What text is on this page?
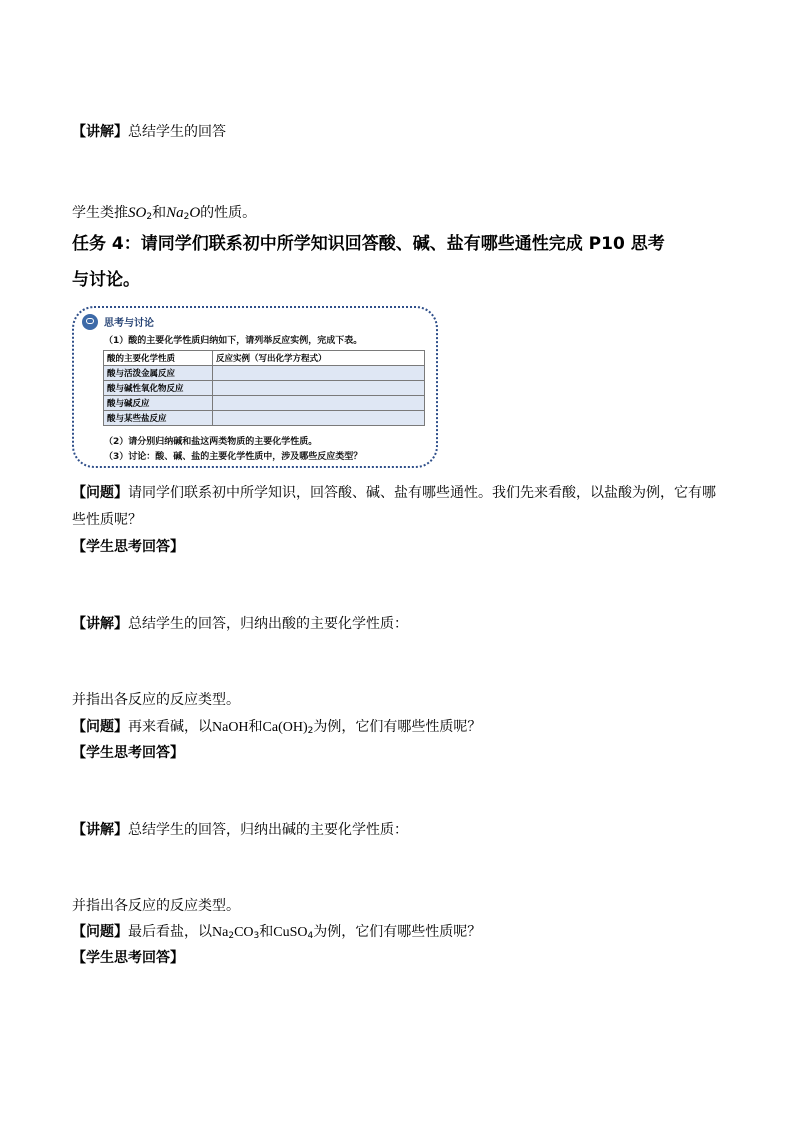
【讲解】总结学生的回答
学生类推$SO_2$和$Na_2O$的性质。
任务 4：请同学们联系初中所学知识回答酸、碱、盐有哪些通性完成 P10 思考
与讨论。
思考与讨论
（1）酸的主要化学性质归纳如下，请列举反应实例，完成下表。
酸的主要化学性质	反应实例（写出化学方程式）
酸与活泼金属反应	
酸与碱性氧化物反应	
酸与碱反应	
酸与某些盐反应	
（2）请分别归纳碱和盐这两类物质的主要化学性质。
（3）讨论：酸、碱、盐的主要化学性质中，涉及哪些反应类型？
【问题】请同学们联系初中所学知识，回答酸、碱、盐有哪些通性。我们先来看酸，以盐酸为例，它有哪
些性质呢？
【学生思考回答】
【讲解】总结学生的回答，归纳出酸的主要化学性质：
并指出各反应的反应类型。
【问题】再来看碱，以NaOH和$Ca(OH)_2$为例，它们有哪些性质呢？
【学生思考回答】
【讲解】总结学生的回答，归纳出碱的主要化学性质：
并指出各反应的反应类型。
【问题】最后看盐，以$Na_2CO_3$和CuSO$_4$为例，它们有哪些性质呢？
【学生思考回答】
